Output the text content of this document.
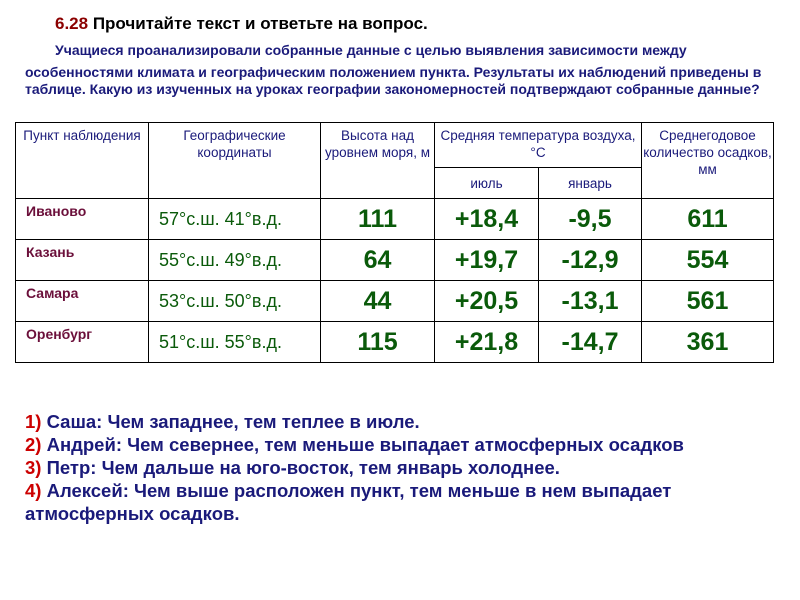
6.28 Прочитайте текст и ответьте на вопрос.
Учащиеся проанализировали собранные данные с целью выявления зависимости между
особенностями климата и географическим положением пункта. Результаты их наблюдений приведены в таблице. Какую из изученных на уроках географии закономерностей подтверждают собранные данные?
Пункт наблюдения	Географические координаты	Высота над уровнем моря, м	Средняя температура воздуха, °С		Среднегодовое количество осадков, мм
			июль	январь	
Иваново	57°с.ш. 41°в.д.	111	+18,4	-9,5	611
Казань	55°с.ш. 49°в.д.	64	+19,7	-12,9	554
Самара	53°с.ш. 50°в.д.	44	+20,5	-13,1	561
Оренбург	51°с.ш. 55°в.д.	115	+21,8	-14,7	361
1) Саша: Чем западнее, тем теплее в июле.
2) Андрей: Чем севернее, тем меньше выпадает атмосферных осадков
3) Петр: Чем дальше на юго-восток, тем январь холоднее.
4) Алексей: Чем выше расположен пункт, тем меньше в нем выпадает атмосферных осадков.
